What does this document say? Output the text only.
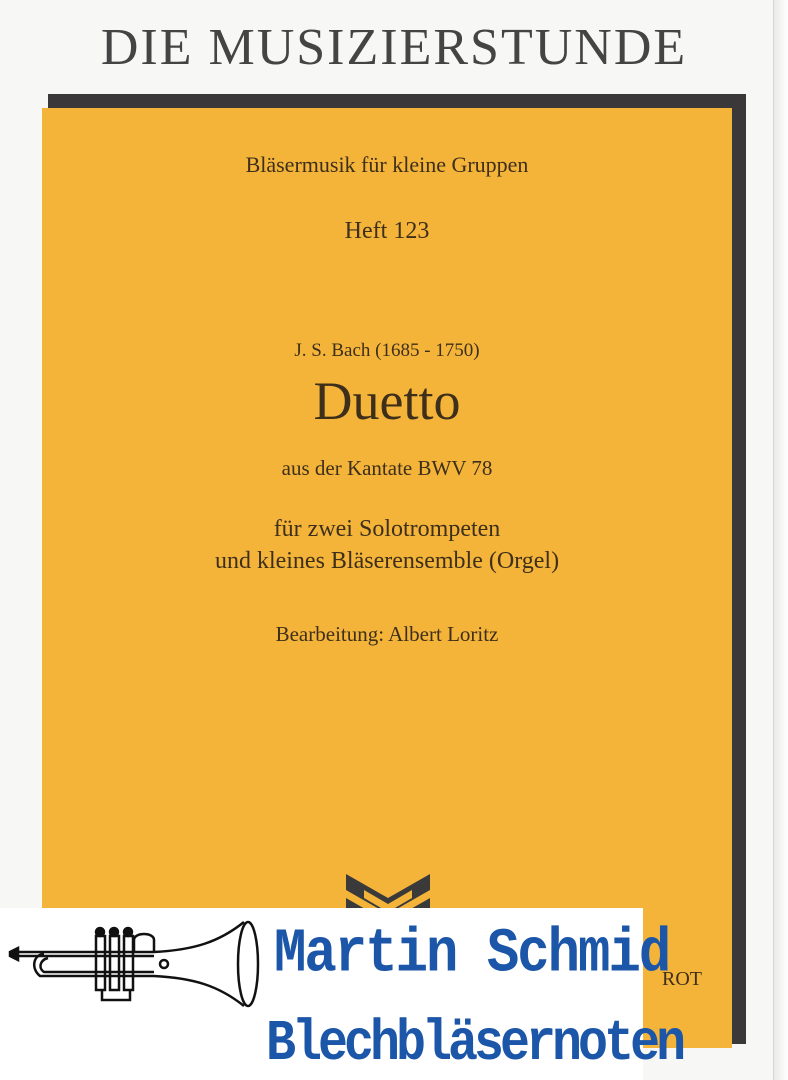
DIE MUSIZIERSTUNDE
Bläsermusik für kleine Gruppen
Heft 123
J. S. Bach (1685 - 1750)
Duetto
aus der Kantate BWV 78
für zwei Solotrompeten
und kleines Bläserensemble (Orgel)
Bearbeitung: Albert Loritz
ROT
Martin Schmid
Blechbläsernoten
